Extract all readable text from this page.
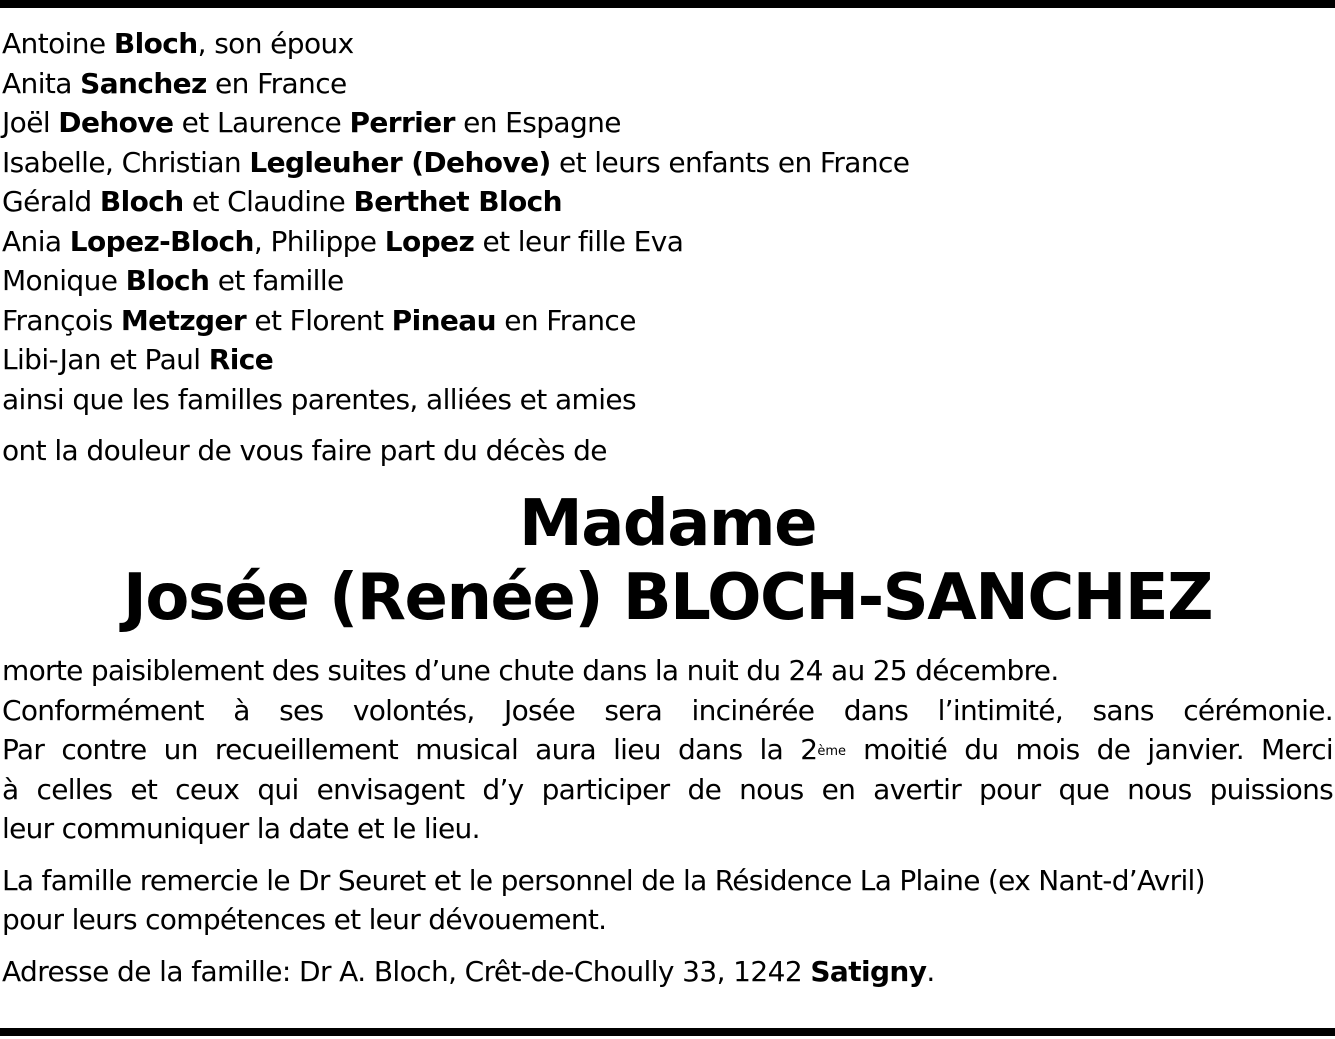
Antoine Bloch, son époux
Anita Sanchez en France
Joël Dehove et Laurence Perrier en Espagne
Isabelle, Christian Legleuher (Dehove) et leurs enfants en France
Gérald Bloch et Claudine Berthet Bloch
Ania Lopez-Bloch, Philippe Lopez et leur fille Eva
Monique Bloch et famille
François Metzger et Florent Pineau en France
Libi-Jan et Paul Rice
ainsi que les familles parentes, alliées et amies
ont la douleur de vous faire part du décès de
Madame
Josée (Renée) BLOCH-SANCHEZ
morte paisiblement des suites d’une chute dans la nuit du 24 au 25 décembre.
Conformément à ses volontés, Josée sera incinérée dans l’intimité, sans cérémonie.
Par contre un recueillement musical aura lieu dans la 2ème moitié du mois de janvier. Merci
à celles et ceux qui envisagent d’y participer de nous en avertir pour que nous puissions
leur communiquer la date et le lieu.
La famille remercie le Dr Seuret et le personnel de la Résidence La Plaine (ex Nant-d’Avril)
pour leurs compétences et leur dévouement.
Adresse de la famille: Dr A. Bloch, Crêt-de-Choully 33, 1242 Satigny.
